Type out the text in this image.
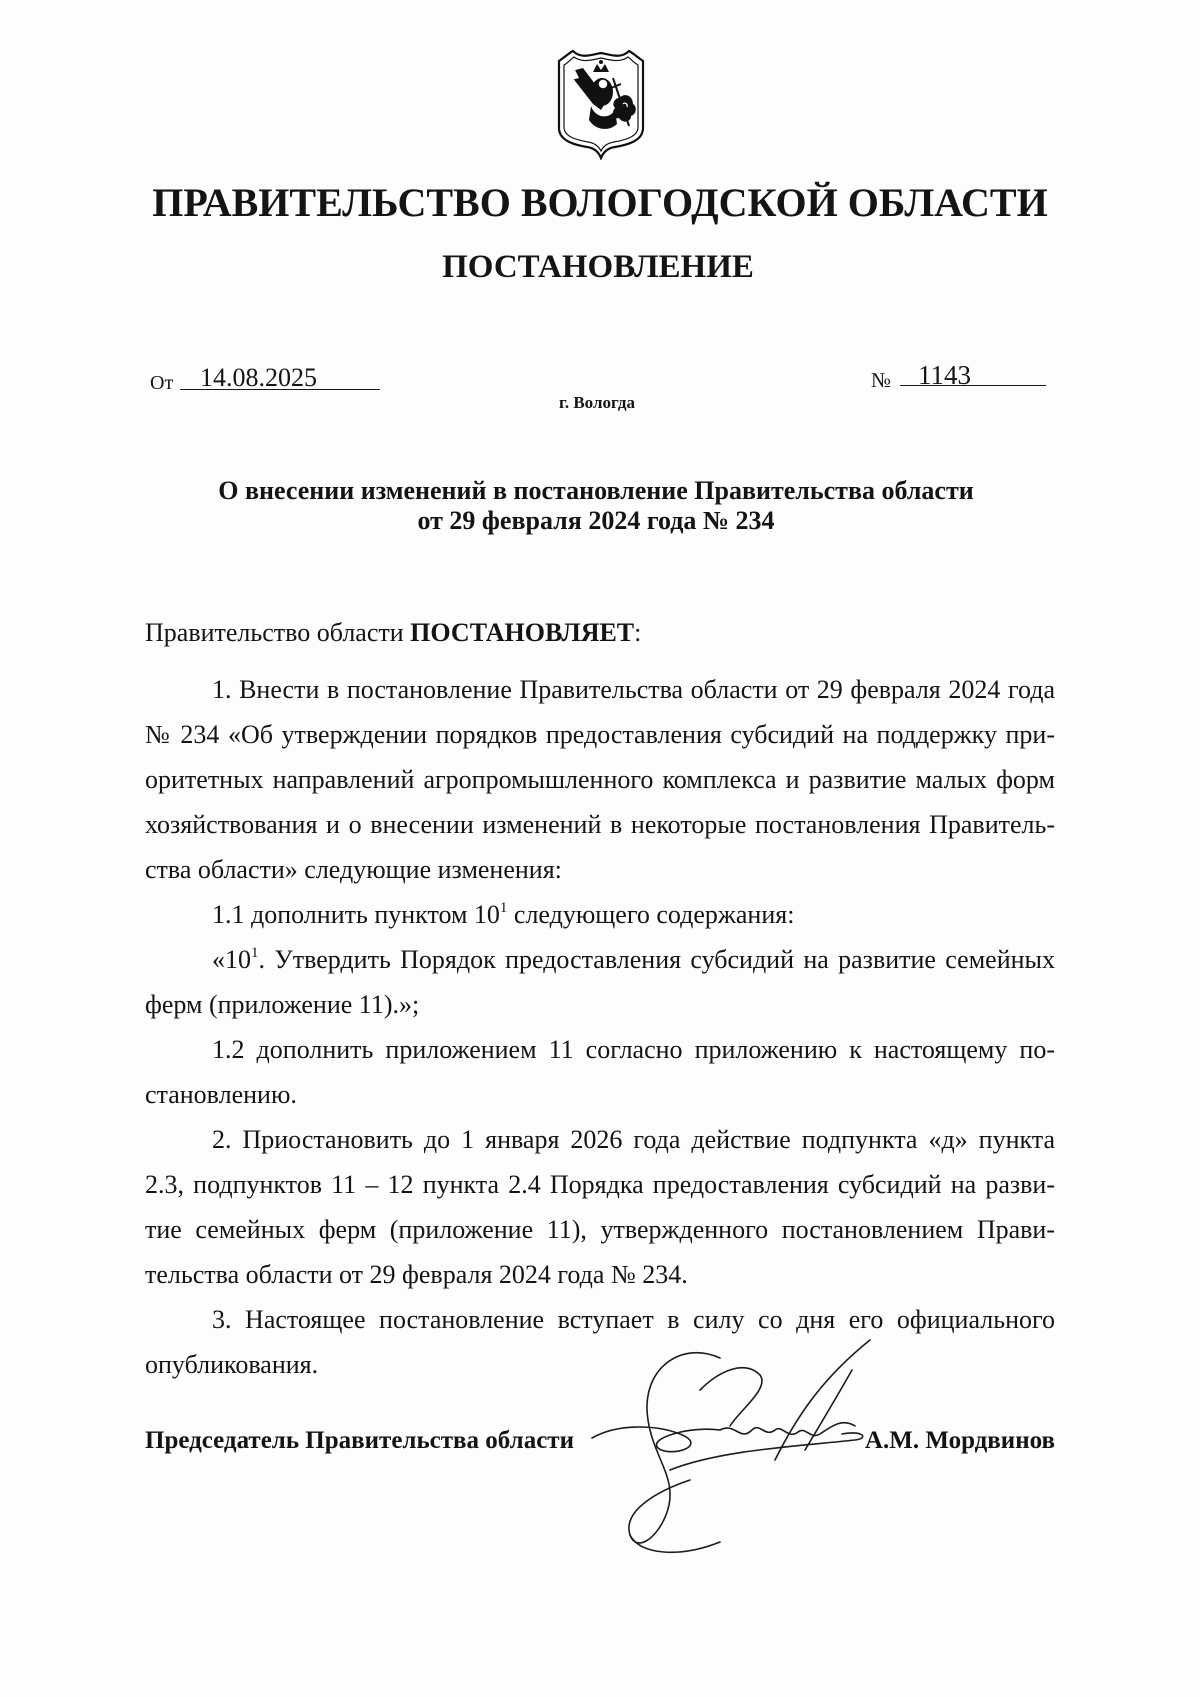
ПРАВИТЕЛЬСТВО ВОЛОГОДСКОЙ ОБЛАСТИ
ПОСТАНОВЛЕНИЕ
От 14.08.2025	№ 1143
г. Вологда
О внесении изменений в постановление Правительства области
от 29 февраля 2024 года № 234
Правительство области ПОСТАНОВЛЯЕТ:
1. Внести в постановление Правительства области от 29 февраля 2024 года
№ 234 «Об утверждении порядков предоставления субсидий на поддержку при-
оритетных направлений агропромышленного комплекса и развитие малых форм
хозяйствования и о внесении изменений в некоторые постановления Правитель-
ства области» следующие изменения:
1.1 дополнить пунктом $10^1$ следующего содержания:
«$10^1$. Утвердить Порядок предоставления субсидий на развитие семейных
ферм (приложение 11).»;
1.2 дополнить приложением 11 согласно приложению к настоящему по-
становлению.
2. Приостановить до 1 января 2026 года действие подпункта «д» пункта
2.3, подпунктов 11 – 12 пункта 2.4 Порядка предоставления субсидий на разви-
тие семейных ферм (приложение 11), утвержденного постановлением Прави-
тельства области от 29 февраля 2024 года № 234.
3. Настоящее постановление вступает в силу со дня его официального
опубликования.
Председатель Правительства области	А.М. Мордвинов
